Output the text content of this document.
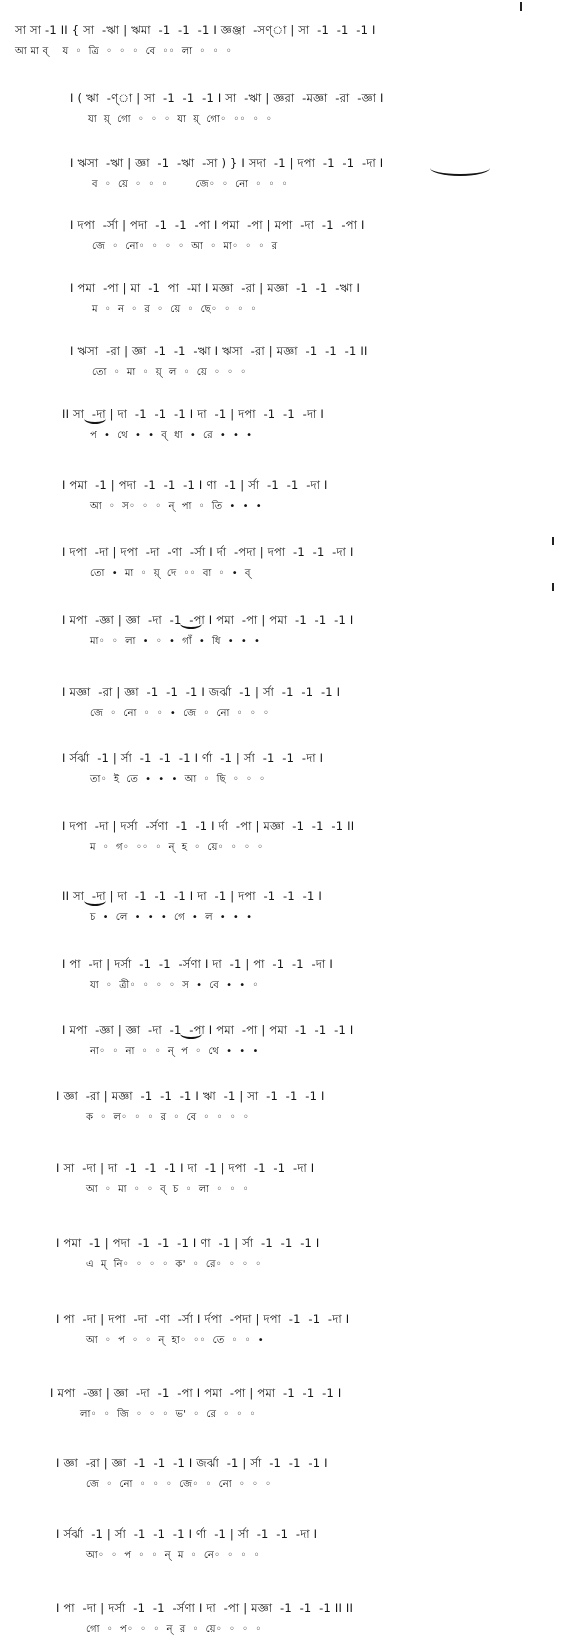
সা সা -1 II { সা  -ঋা | ঋমা  -1  -1  -1 I জ্ঞঞ্জা  -সণ্‌া | সা  -1  -1  -1 I
আ মা ব্‌    য  ◦  ত্রি  ◦  ◦  ◦  বে  ◦◦  লা  ◦  ◦  ◦
I ( ঋা  -ণ্‌া | সা  -1  -1  -1 I সা  -ঋা | জ্ঞরা  -মজ্ঞা  -রা  -জ্ঞা I
যা  য়্‌  গো  ◦  ◦  ◦  যা  য়্‌  গো◦  ◦◦  ◦  ◦
I ঋসা  -ঋা | জ্ঞা  -1  -ঋা  -সা ) } I সদা  -1 | দপা  -1  -1  -দা I
ব  ◦  য়ে  ◦  ◦  ◦        জে◦  ◦  নো  ◦  ◦  ◦
I দপা  -র্সা | পদা  -1  -1  -পা I পমা  -পা | মপা  -দা  -1  -পা I
জে  ◦  নো◦  ◦  ◦  ◦  আ  ◦  মা◦  ◦  ◦  র
I পমা  -পা | মা  -1  পা  -মা I মজ্ঞা  -রা | মজ্ঞা  -1  -1  -ঋা I
ম  ◦  ন  ◦  র  ◦  য়ে  ◦  ছে◦  ◦  ◦  ◦
I ঋসা  -রা | জ্ঞা  -1  -1  -ঋা I ঋসা  -রা | মজ্ঞা  -1  -1  -1 II
তো  ◦  মা  ◦  য়্‌  ল  ◦  য়ে  ◦  ◦  ◦
II সা  -দা | দা  -1  -1  -1 I দা  -1 | দপা  -1  -1  -দা I
প  •  থে  •  •  ব্‌  ধা  •  রে  •  •  •
I পমা  -1 | পদা  -1  -1  -1 I ণা  -1 | র্সা  -1  -1  -দা I
আ  ◦  স◦  ◦  ◦  ন্‌  পা  ◦  তি  •  •  •
I দপা  -দা | দপা  -দা  -ণা  -র্সা I র্দা  -পদা | দপা  -1  -1  -দা I
তো  •  মা  ◦  য়্‌  দে  ◦◦  বা  ◦  •  ব্‌
I মপা  -জ্ঞা | জ্ঞা  -দা  -1  -পা I পমা  -পা | পমা  -1  -1  -1 I
মা◦  ◦  লা  •  ◦  •  গাঁ  •  ধি  •  •  •
I মজ্ঞা  -রা | জ্ঞা  -1  -1  -1 I জর্ঝা  -1 | র্সা  -1  -1  -1 I
জে  ◦  নো  ◦  ◦  •  জে  ◦  নো  ◦  ◦  ◦
I র্সর্ঝা  -1 | র্সা  -1  -1  -1 I র্ণা  -1 | র্সা  -1  -1  -দা I
তা◦  ই  তে  •  •  •  আ  ◦  ছি  ◦  ◦  ◦
I দপা  -দা | দর্সা  -র্সণা  -1  -1 I র্দা  -পা | মজ্ঞা  -1  -1  -1 II
ম  ◦  গ◦  ◦◦  ◦  ন্‌  হ  ◦  য়ে◦  ◦  ◦  ◦
II সা  -দা | দা  -1  -1  -1 I দা  -1 | দপা  -1  -1  -1 I
চ  •  লে  •  •  •  গে  •  ল  •  •  •
I পা  -দা | দর্সা  -1  -1  -র্সণা I দা  -1 | পা  -1  -1  -দা I
যা  ◦  ত্রী◦  ◦  ◦  ◦  স  •  বে  •  •  ◦
I মপা  -জ্ঞা | জ্ঞা  -দা  -1  -পা I পমা  -পা | পমা  -1  -1  -1 I
না◦  ◦  না  ◦  ◦  ন্‌  প  ◦  থে  •  •  •
I জ্ঞা  -রা | মজ্ঞা  -1  -1  -1 I ঋা  -1 | সা  -1  -1  -1 I
ক  ◦  ল◦  ◦  ◦  র  ◦  বে  ◦  ◦  ◦  ◦
I সা  -দা | দা  -1  -1  -1 I দা  -1 | দপা  -1  -1  -দা I
আ  ◦  মা  ◦  ◦  ব্‌  চ  ◦  লা  ◦  ◦  ◦
I পমা  -1 | পদা  -1  -1  -1 I ণা  -1 | র্সা  -1  -1  -1 I
এ  ম্‌  নি◦  ◦  ◦  ◦  ক'  ◦  রে◦  ◦  ◦  ◦
I পা  -দা | দপা  -দা  -ণা  -র্সা I র্দপা  -পদা | দপা  -1  -1  -দা I
আ  ◦  প  ◦  ◦  ন্‌  হা◦  ◦◦  তে  ◦  ◦  •
I মপা  -জ্ঞা | জ্ঞা  -দা  -1  -পা I পমা  -পা | পমা  -1  -1  -1 I
লা◦  ◦  জি  ◦  ◦  ◦  ভ'  ◦  রে  ◦  ◦  ◦
I জ্ঞা  -রা | জ্ঞা  -1  -1  -1 I জর্ঝা  -1 | র্সা  -1  -1  -1 I
জে  ◦  নো  ◦  ◦  ◦  জে◦  ◦  নো  ◦  ◦  ◦
I র্সর্ঝা  -1 | র্সা  -1  -1  -1 I র্ণা  -1 | র্সা  -1  -1  -দা I
আ◦  ◦  প  ◦  ◦  ন্‌  ম  ◦  নে◦  ◦  ◦  ◦
I পা  -দা | দর্সা  -1  -1  -র্সণা I দা  -পা | মজ্ঞা  -1  -1  -1 II II
গো  ◦  প◦  ◦  ◦  ন্‌  র  ◦  য়ে◦  ◦  ◦  ◦
